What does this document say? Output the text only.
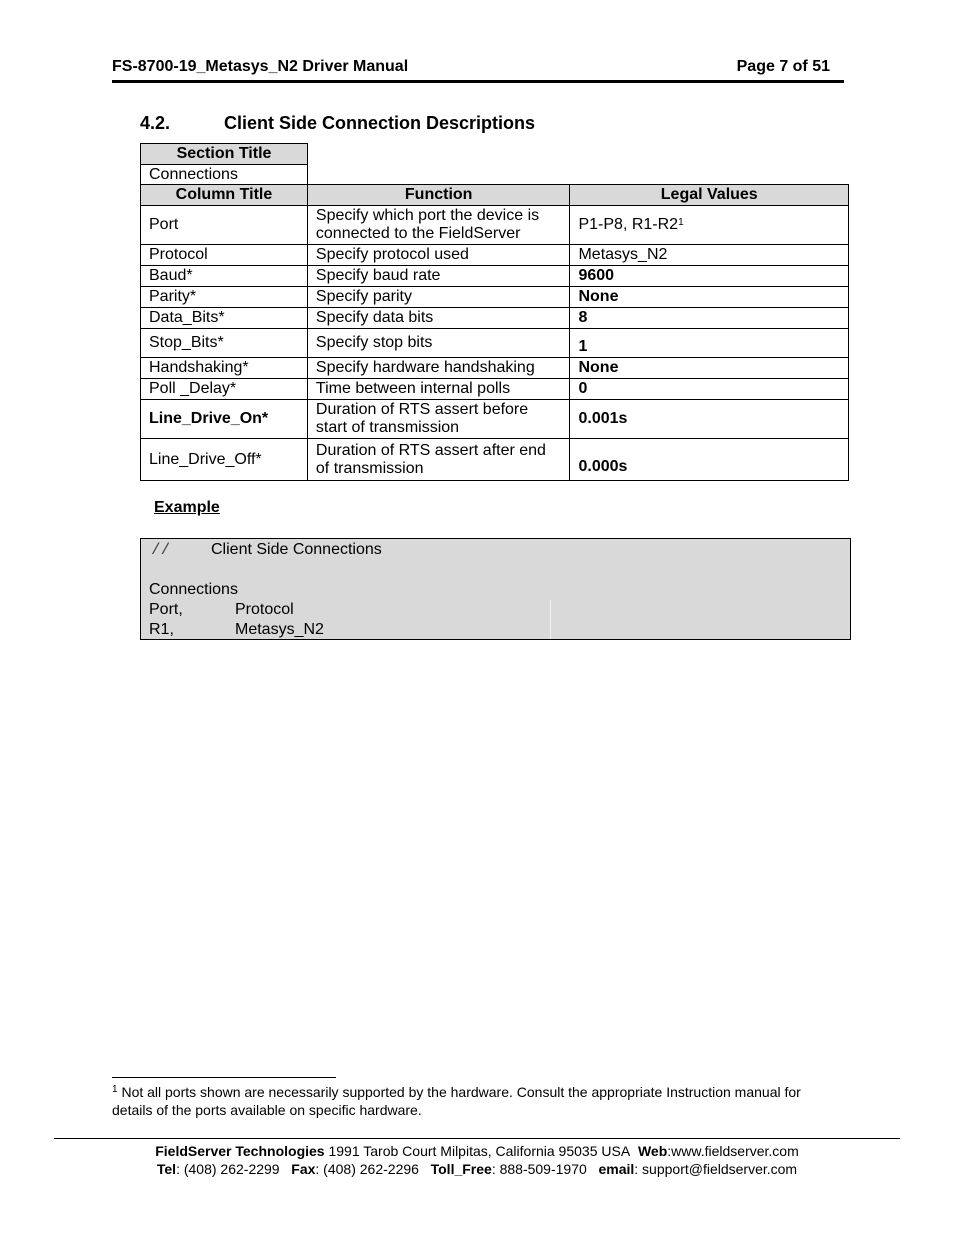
FS-8700-19_Metasys_N2 Driver Manual	Page 7 of 51
4.2.	Client Side Connection Descriptions
Section Title
Connections
Column Title	Function	Legal Values
Port	Specify which port the device is connected to the FieldServer	P1-P8, $R1-R2^1$
Protocol	Specify protocol used	Metasys_N2
Baud*	Specify baud rate	9600
Parity*	Specify parity	None
Data_Bits*	Specify data bits	8
Stop_Bits*	Specify stop bits	1
Handshaking*	Specify hardware handshaking	None
Poll _Delay*	Time between internal polls	0
Line_Drive_On*	Duration of RTS assert before start of transmission	0.001s
Line_Drive_Off*	Duration of RTS assert after end of transmission	0.000s
Example
//	Client Side Connections
Connections
Port,	Protocol
R1,	Metasys_N2
$^1$ Not all ports shown are necessarily supported by the hardware. Consult the appropriate Instruction manual for details of the ports available on specific hardware.
FieldServer Technologies 1991 Tarob Court Milpitas, California 95035 USA Web:www.fieldserver.com
Tel: (408) 262-2299 Fax: (408) 262-2296 Toll_Free: 888-509-1970 email: support@fieldserver.com
